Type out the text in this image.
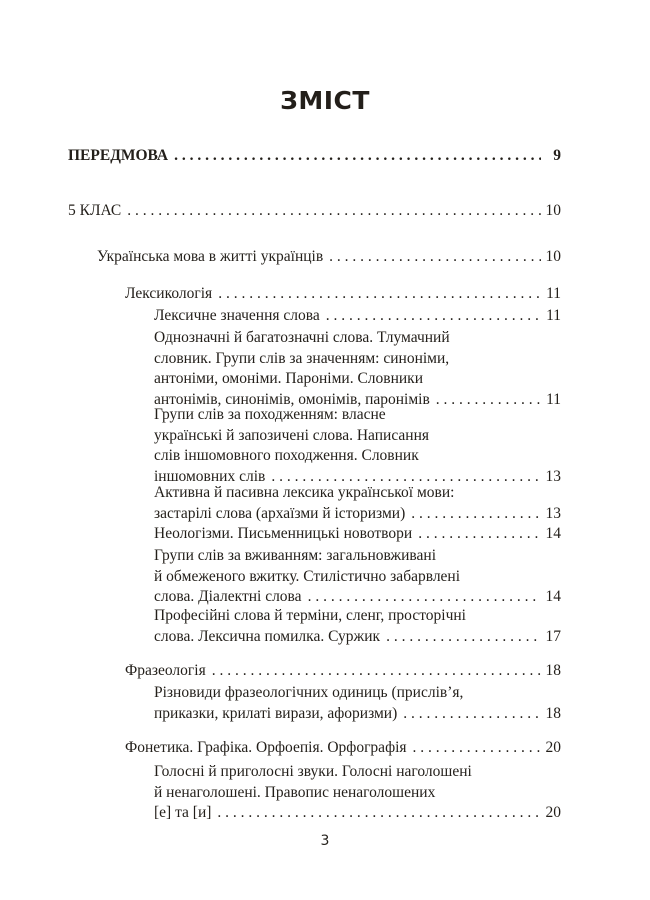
ЗМІСТ
ПЕРЕДМОВА . . .	9
5 КЛАС . . .	10
Українська мова в житті українців . . .	10
Лексикологія . . .	11
Лексичне значення слова . . .	11
Однозначні й багатозначні слова. Тлумачний
словник. Групи слів за значенням: синоніми,
антоніми, омоніми. Пароніми. Словники
антонімів, синонімів, омонімів, паронімів . . .	11
Групи слів за походженням: власне
українські й запозичені слова. Написання
слів іншомовного походження. Словник
іншомовних слів . . .	13
Активна й пасивна лексика української мови:
застарілі слова (архаїзми й історизми) . . .	13
Неологізми. Письменницькі новотвори . . .	14
Групи слів за вживанням: загальновживані
й обмеженого вжитку. Стилістично забарвлені
слова. Діалектні слова . . .	14
Професійні слова й терміни, сленг, просторічні
слова. Лексична помилка. Суржик . . .	17
Фразеологія . . .	18
Різновиди фразеологічних одиниць (прислів’я,
приказки, крилаті вирази, афоризми) . . .	18
Фонетика. Графіка. Орфоепія. Орфографія . . .	20
Голосні й приголосні звуки. Голосні наголошені
й ненаголошені. Правопис ненаголошених
[е] та [и] . . .	20
3
